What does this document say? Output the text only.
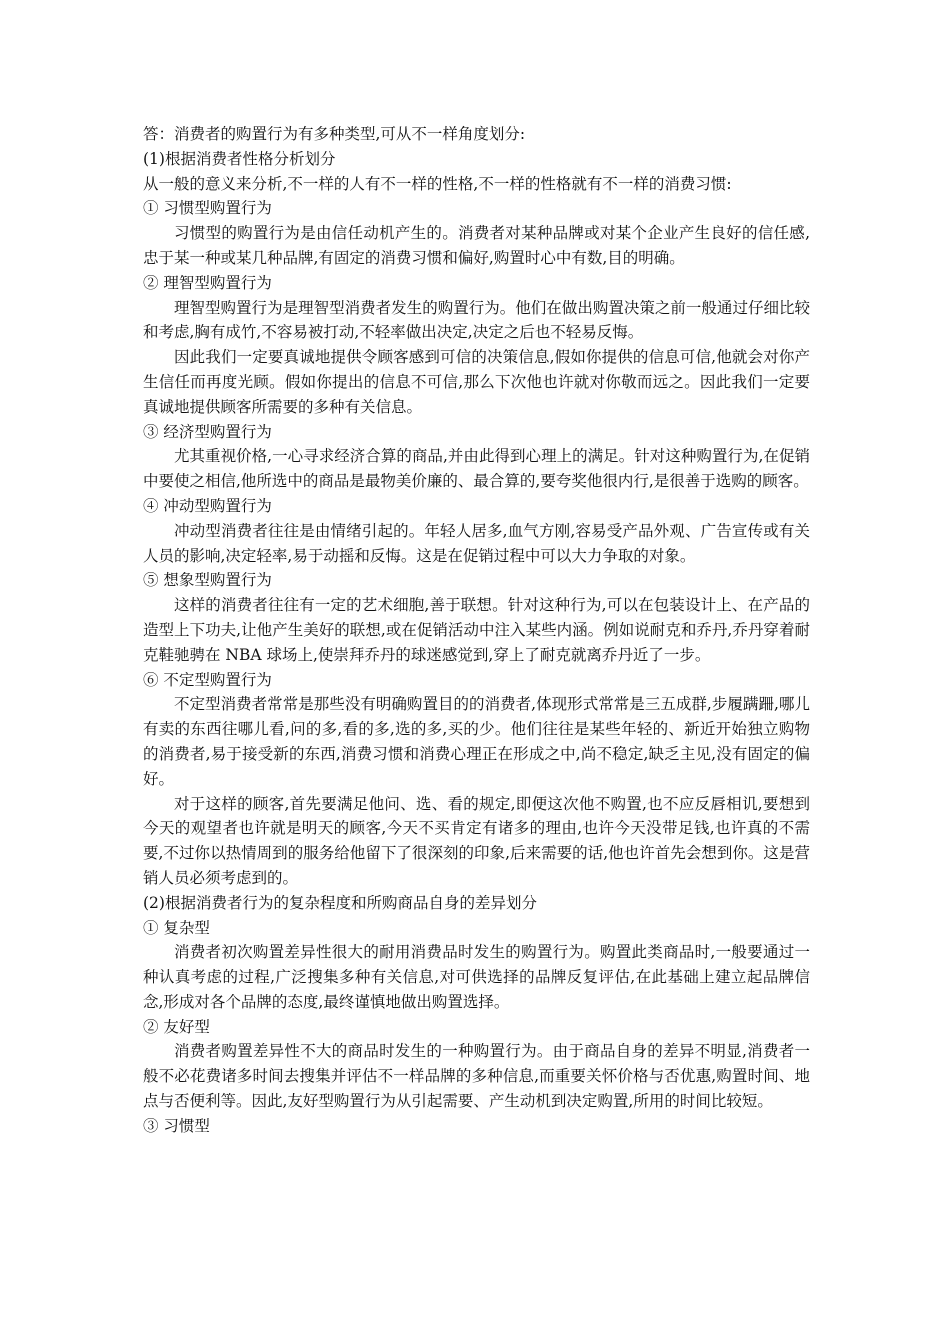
答：消费者的购置行为有多种类型,可从不一样角度划分:

(1)根据消费者性格分析划分

从一般的意义来分析,不一样的人有不一样的性格,不一样的性格就有不一样的消费习惯:

① 习惯型购置行为

习惯型的购置行为是由信任动机产生的。消费者对某种品牌或对某个企业产生良好的信任感,忠于某一种或某几种品牌,有固定的消费习惯和偏好,购置时心中有数,目的明确。

② 理智型购置行为

理智型购置行为是理智型消费者发生的购置行为。他们在做出购置决策之前一般通过仔细比较和考虑,胸有成竹,不容易被打动,不轻率做出决定,决定之后也不轻易反悔。

因此我们一定要真诚地提供令顾客感到可信的决策信息,假如你提供的信息可信,他就会对你产生信任而再度光顾。假如你提出的信息不可信,那么下次他也许就对你敬而远之。因此我们一定要真诚地提供顾客所需要的多种有关信息。

③ 经济型购置行为

尤其重视价格,一心寻求经济合算的商品,并由此得到心理上的满足。针对这种购置行为,在促销中要使之相信,他所选中的商品是最物美价廉的、最合算的,要夸奖他很内行,是很善于选购的顾客。

④ 冲动型购置行为

冲动型消费者往往是由情绪引起的。年轻人居多,血气方刚,容易受产品外观、广告宣传或有关人员的影响,决定轻率,易于动摇和反悔。这是在促销过程中可以大力争取的对象。

⑤ 想象型购置行为

这样的消费者往往有一定的艺术细胞,善于联想。针对这种行为,可以在包装设计上、在产品的造型上下功夫,让他产生美好的联想,或在促销活动中注入某些内涵。例如说耐克和乔丹,乔丹穿着耐克鞋驰骋在 NBA 球场上,使崇拜乔丹的球迷感觉到,穿上了耐克就离乔丹近了一步。

⑥ 不定型购置行为

不定型消费者常常是那些没有明确购置目的的消费者,体现形式常常是三五成群,步履蹒跚,哪儿有卖的东西往哪儿看,问的多,看的多,选的多,买的少。他们往往是某些年轻的、新近开始独立购物的消费者,易于接受新的东西,消费习惯和消费心理正在形成之中,尚不稳定,缺乏主见,没有固定的偏好。

对于这样的顾客,首先要满足他问、选、看的规定,即便这次他不购置,也不应反唇相讥,要想到今天的观望者也许就是明天的顾客,今天不买肯定有诸多的理由,也许今天没带足钱,也许真的不需要,不过你以热情周到的服务给他留下了很深刻的印象,后来需要的话,他也许首先会想到你。这是营销人员必须考虑到的。

(2)根据消费者行为的复杂程度和所购商品自身的差异划分

① 复杂型

消费者初次购置差异性很大的耐用消费品时发生的购置行为。购置此类商品时,一般要通过一种认真考虑的过程,广泛搜集多种有关信息,对可供选择的品牌反复评估,在此基础上建立起品牌信念,形成对各个品牌的态度,最终谨慎地做出购置选择。

② 友好型

消费者购置差异性不大的商品时发生的一种购置行为。由于商品自身的差异不明显,消费者一般不必花费诸多时间去搜集并评估不一样品牌的多种信息,而重要关怀价格与否优惠,购置时间、地点与否便利等。因此,友好型购置行为从引起需要、产生动机到决定购置,所用的时间比较短。

③ 习惯型
